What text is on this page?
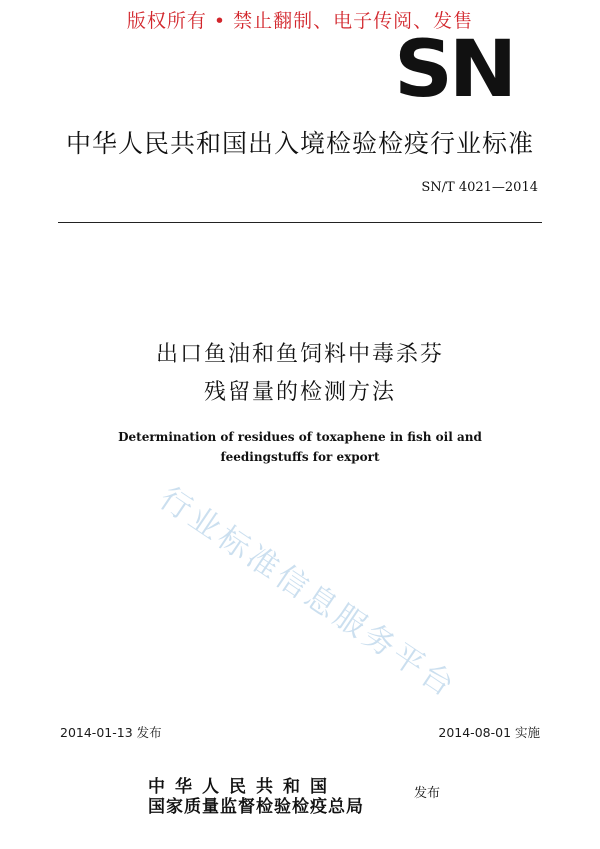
版权所有 • 禁止翻制、电子传阅、发售
SN
中华人民共和国出入境检验检疫行业标准
SN/T 4021—2014
出口鱼油和鱼饲料中毒杀芬
残留量的检测方法
Determination of residues of toxaphene in fish oil and
feedingstuffs for export
行业标准信息服务平台
2014-01-13 发布	2014-08-01 实施
中华人民共和国
国家质量监督检验检疫总局
发布
